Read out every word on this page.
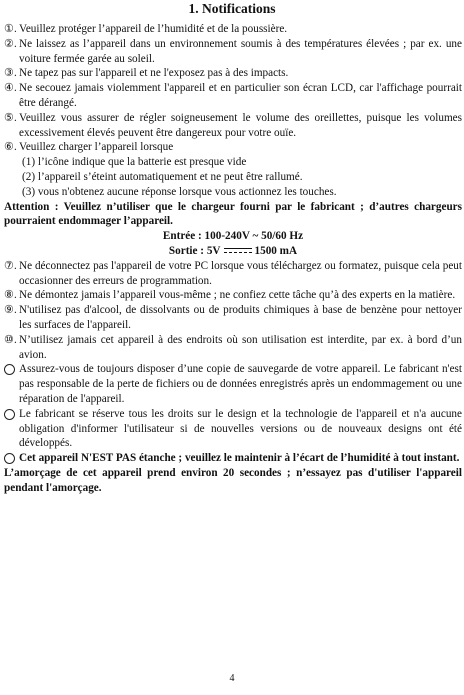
1. Notifications
①. Veuillez protéger l’appareil de l’humidité et de la poussière.
②. Ne laissez as l’appareil dans un environnement soumis à des températures élevées ; par ex. une voiture fermée garée au soleil.
③. Ne tapez pas sur l'appareil et ne l'exposez pas à des impacts.
④. Ne secouez jamais violemment l'appareil et en particulier son écran LCD, car l'affichage pourrait être dérangé.
⑤. Veuillez vous assurer de régler soigneusement le volume des oreillettes, puisque les volumes excessivement élevés peuvent être dangereux pour votre ouïe.
⑥. Veuillez charger l’appareil lorsque
(1) l’icône indique que la batterie est presque vide
(2) l’appareil s’éteint automatiquement et ne peut être rallumé.
(3) vous n'obtenez aucune réponse lorsque vous actionnez les touches.
Attention : Veuillez n’utiliser que le chargeur fourni par le fabricant ; d’autres chargeurs pourraient endommager l’appareil.
Entrée : 100-240V ~ 50/60 Hz
Sortie : 5V	1500 mA
⑦. Ne déconnectez pas l'appareil de votre PC lorsque vous téléchargez ou formatez, puisque cela peut occasionner des erreurs de programmation.
⑧. Ne démontez jamais l’appareil vous-même ; ne confiez cette tâche qu’à des experts en la matière.
⑨. N'utilisez pas d'alcool, de dissolvants ou de produits chimiques à base de benzène pour nettoyer les surfaces de l'appareil.
⑩. N’utilisez jamais cet appareil à des endroits où son utilisation est interdite, par ex. à bord d’un avion.
Assurez-vous de toujours disposer d’une copie de sauvegarde de votre appareil. Le fabricant n'est pas responsable de la perte de fichiers ou de données enregistrés après un endommagement ou une réparation de l'appareil.
Le fabricant se réserve tous les droits sur le design et la technologie de l'appareil et n'a aucune obligation d'informer l'utilisateur si de nouvelles versions ou de nouveaux designs ont été développés.
Cet appareil N'EST PAS étanche ; veuillez le maintenir à l’écart de l’humidité à tout instant.
L’amorçage de cet appareil prend environ 20 secondes ; n’essayez pas d'utiliser l'appareil pendant l'amorçage.
4
